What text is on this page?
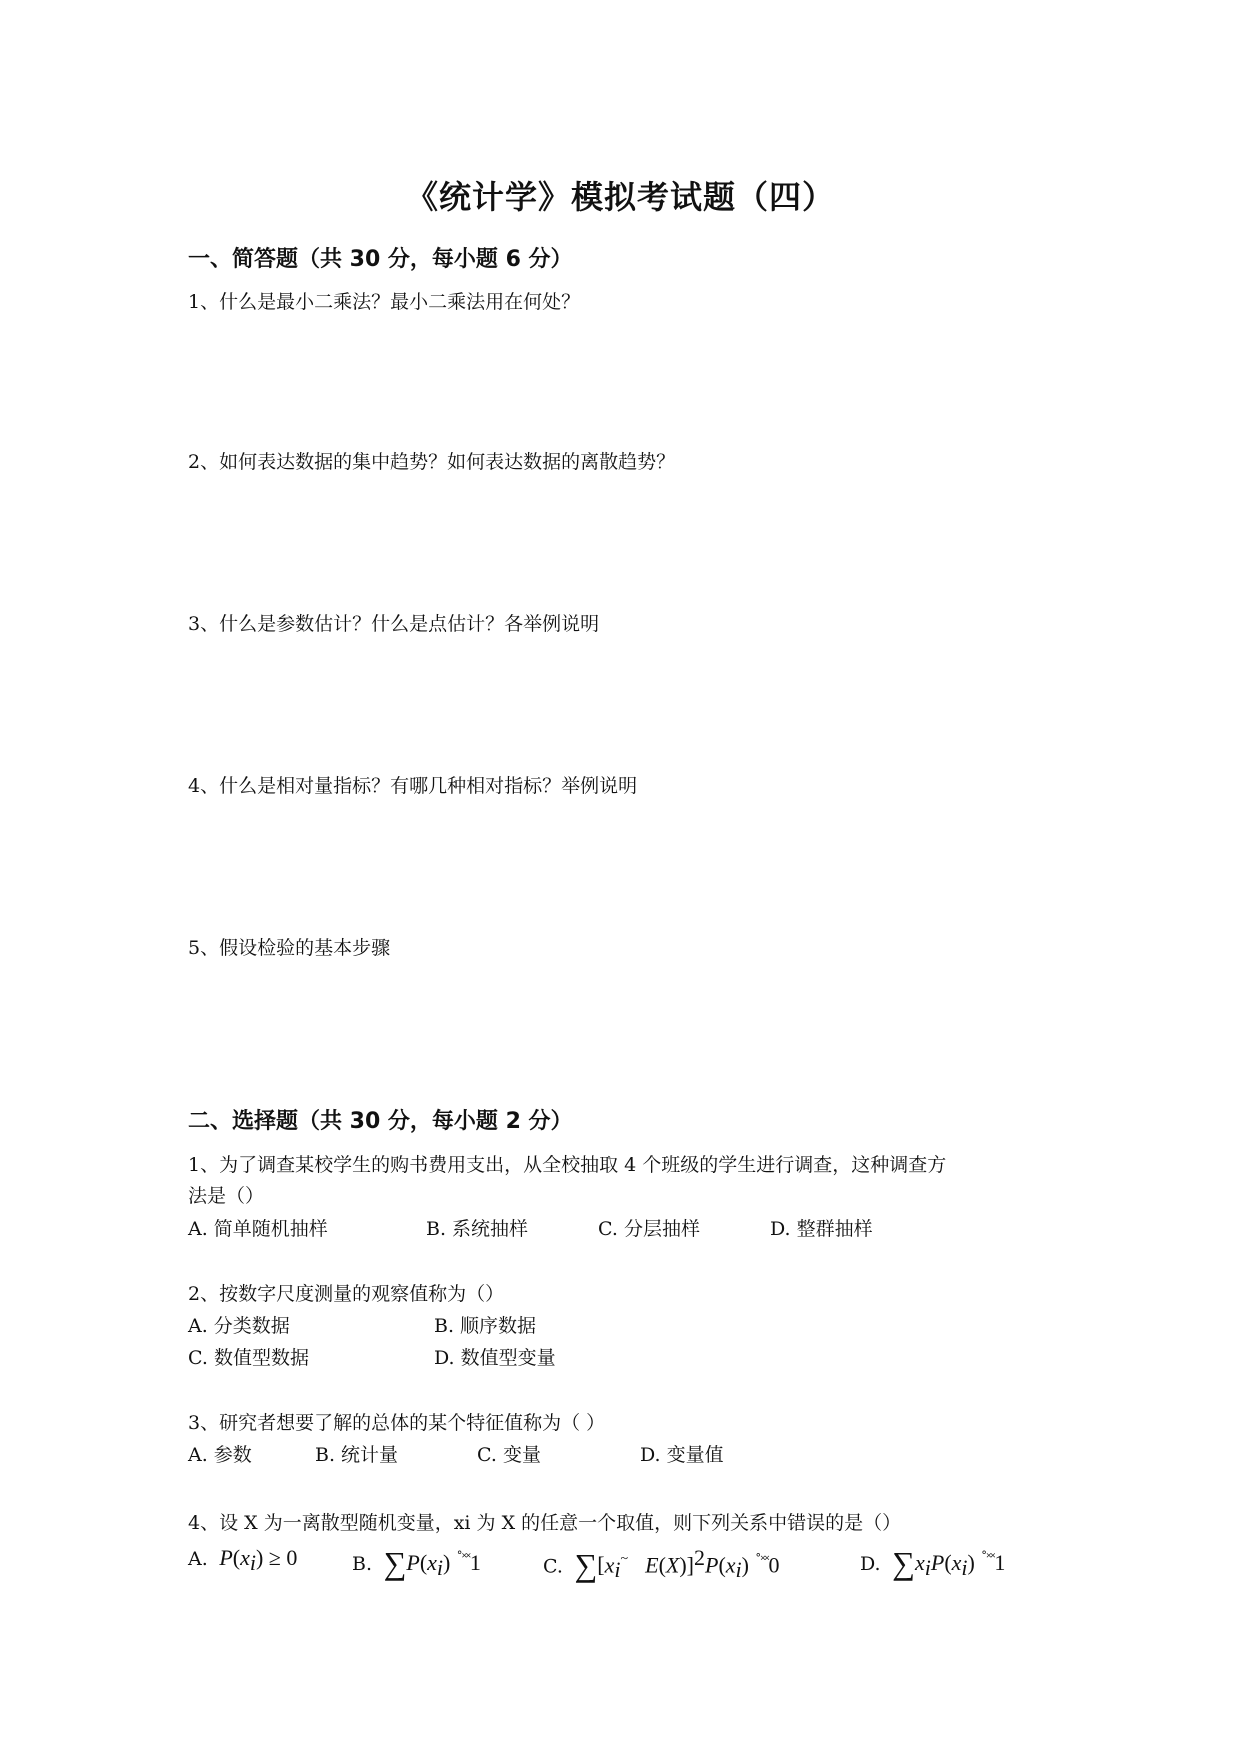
《统计学》模拟考试题（四）
一、简答题（共 30 分，每小题 6 分）
1、什么是最小二乘法？最小二乘法用在何处？
2、如何表达数据的集中趋势？如何表达数据的离散趋势？
3、什么是参数估计？什么是点估计？各举例说明
4、什么是相对量指标？有哪几种相对指标？举例说明
5、假设检验的基本步骤
二、选择题（共 30 分，每小题 2 分）
1、为了调查某校学生的购书费用支出，从全校抽取 4 个班级的学生进行调查，这种调查方
法是（）
A. 简单随机抽样	B. 系统抽样	C. 分层抽样	D. 整群抽样
2、按数字尺度测量的观察值称为（）
A. 分类数据	B. 顺序数据
C. 数值型数据	D. 数值型变量
3、研究者想要了解的总体的某个特征值称为（ ）
A. 参数	B. 统计量	C. 变量	D. 变量值
4、设 X 为一离散型随机变量，xi 为 X 的任意一个取值，则下列关系中错误的是（）
A.  $P(x_i) \ge 0$	B. $\sum P(x_i)$ ˚˟˟1	C. $\sum[x_i^\sim$   $E(X)]^2P(x_i)$ ˚˟˟0	D. $\sum x_iP(x_i)$ ˚˟˟1
